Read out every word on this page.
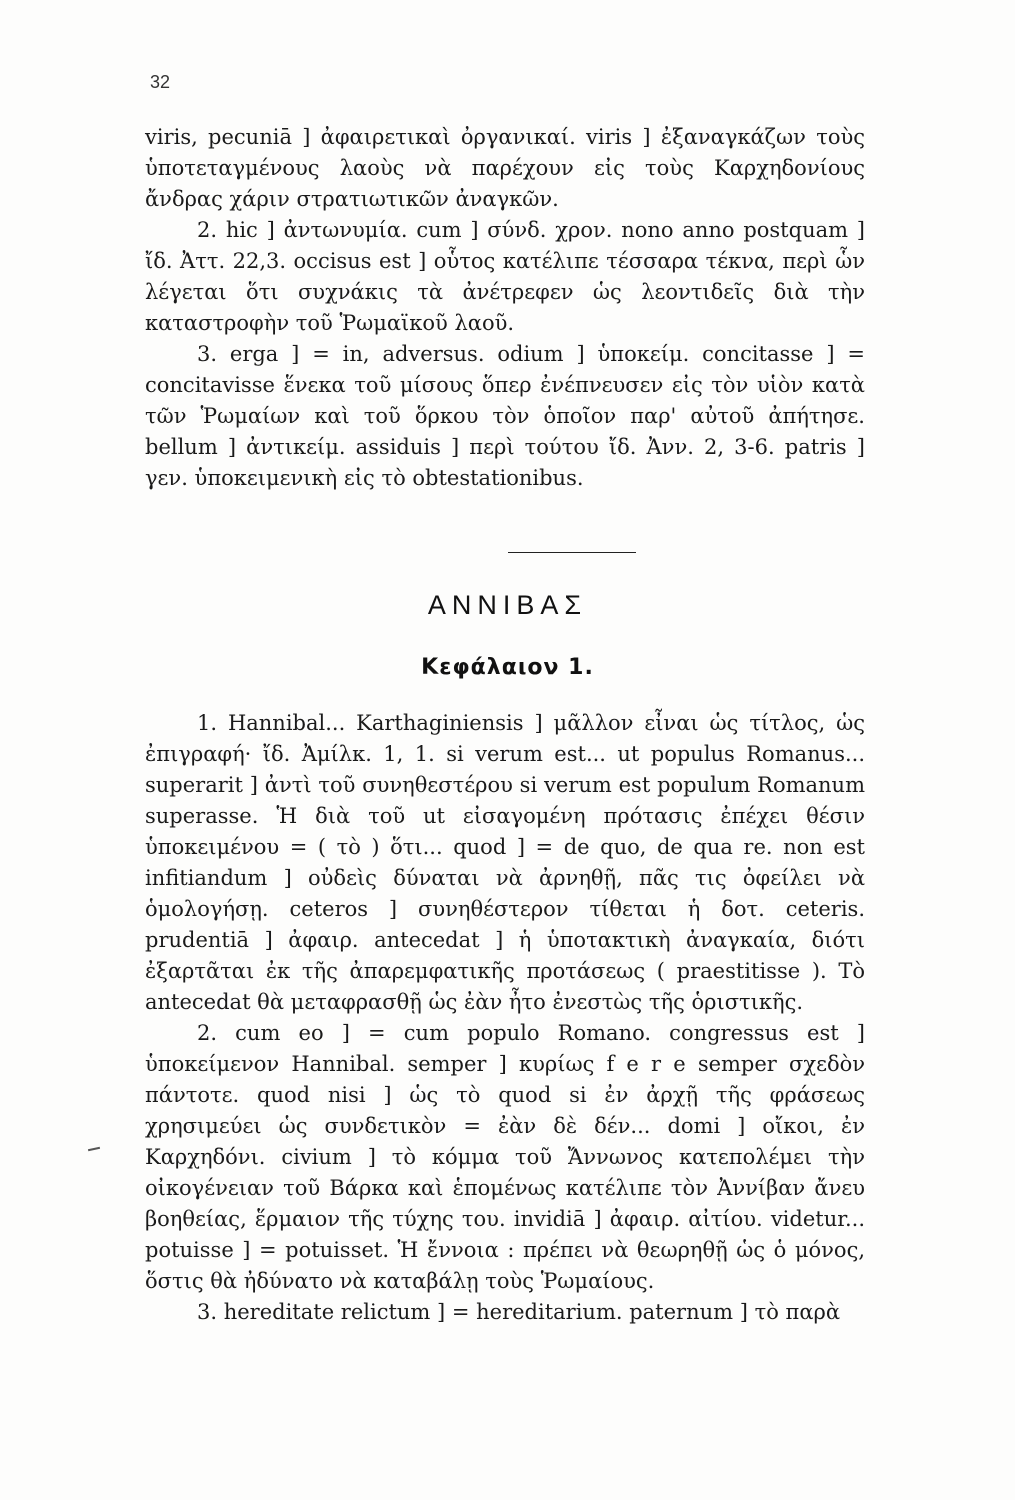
32

viris, pecuniā ] ἀφαιρετικαὶ ὀργανικαί. viris ] ἐξαναγκάζων τοὺς ὑποτεταγμένους λαοὺς νὰ παρέχουν εἰς τοὺς Καρχηδονίους ἄνδρας χάριν στρατιωτικῶν ἀναγκῶν.

2. hic ] ἀντωνυμία. cum ] σύνδ. χρον. nono anno postquam ] ἴδ. Ἀττ. 22,3. occisus est ] οὗτος κατέλιπε τέσσαρα τέκνα, περὶ ὧν λέγεται ὅτι συχνάκις τὰ ἀνέτρεφεν ὡς λεοντιδεῖς διὰ τὴν καταστροφὴν τοῦ Ῥωμαϊκοῦ λαοῦ.

3. erga ] = in, adversus. odium ] ὑποκείμ. concitasse ] = concitavisse ἕνεκα τοῦ μίσους ὅπερ ἐνέπνευσεν εἰς τὸν υἱὸν κατὰ τῶν Ῥωμαίων καὶ τοῦ ὅρκου τὸν ὁποῖον παρ' αὐτοῦ ἀπήτησε. bellum ] ἀντικείμ. assiduis ] περὶ τούτου ἴδ. Ἀνν. 2, 3-6. patris ] γεν. ὑποκειμενικὴ εἰς τὸ obtestationibus.

ΑΝΝΙΒΑΣ
Κεφάλαιον 1.

1. Hannibal... Karthaginiensis ] μᾶλλον εἶναι ὡς τίτλος, ὡς ἐπιγραφή· ἴδ. Ἀμίλκ. 1, 1. si verum est... ut populus Romanus... superarit ] ἀντὶ τοῦ συνηθεστέρου si verum est populum Romanum superasse. Ἡ διὰ τοῦ ut εἰσαγομένη πρότασις ἐπέχει θέσιν ὑποκειμένου = ( τὸ ) ὅτι... quod ] = de quo, de qua re. non est infitiandum ] οὐδεὶς δύναται νὰ ἀρνηθῇ, πᾶς τις ὀφείλει νὰ ὁμολογήσῃ. ceteros ] συνηθέστερον τίθεται ἡ δοτ. ceteris. prudentiā ] ἀφαιρ. antecedat ] ἡ ὑποτακτικὴ ἀναγκαία, διότι ἐξαρτᾶται ἐκ τῆς ἀπαρεμφατικῆς προτάσεως ( praestitisse ). Τὸ antecedat θὰ μεταφρασθῇ ὡς ἐὰν ἦτο ἐνεστὼς τῆς ὁριστικῆς.

2. cum eo ] = cum populo Romano. congressus est ] ὑποκείμενον Hannibal. semper ] κυρίως f e r e semper σχεδὸν πάντοτε. quod nisi ] ὡς τὸ quod si ἐν ἀρχῇ τῆς φράσεως χρησιμεύει ὡς συνδετικὸν = ἐὰν δὲ δέν... domi ] οἴκοι, ἐν Καρχηδόνι. civium ] τὸ κόμμα τοῦ Ἄννωνος κατεπολέμει τὴν οἰκογένειαν τοῦ Βάρκα καὶ ἑπομένως κατέλιπε τὸν Ἀννίβαν ἄνευ βοηθείας, ἕρμαιον τῆς τύχης του. invidiā ] ἀφαιρ. αἰτίου. videtur... potuisse ] = potuisset. Ἡ ἔννοια : πρέπει νὰ θεωρηθῇ ὡς ὁ μόνος, ὅστις θὰ ἠδύνατο νὰ καταβάλῃ τοὺς Ῥωμαίους.

3. hereditate relictum ] = hereditarium. paternum ] τὸ παρὰ
